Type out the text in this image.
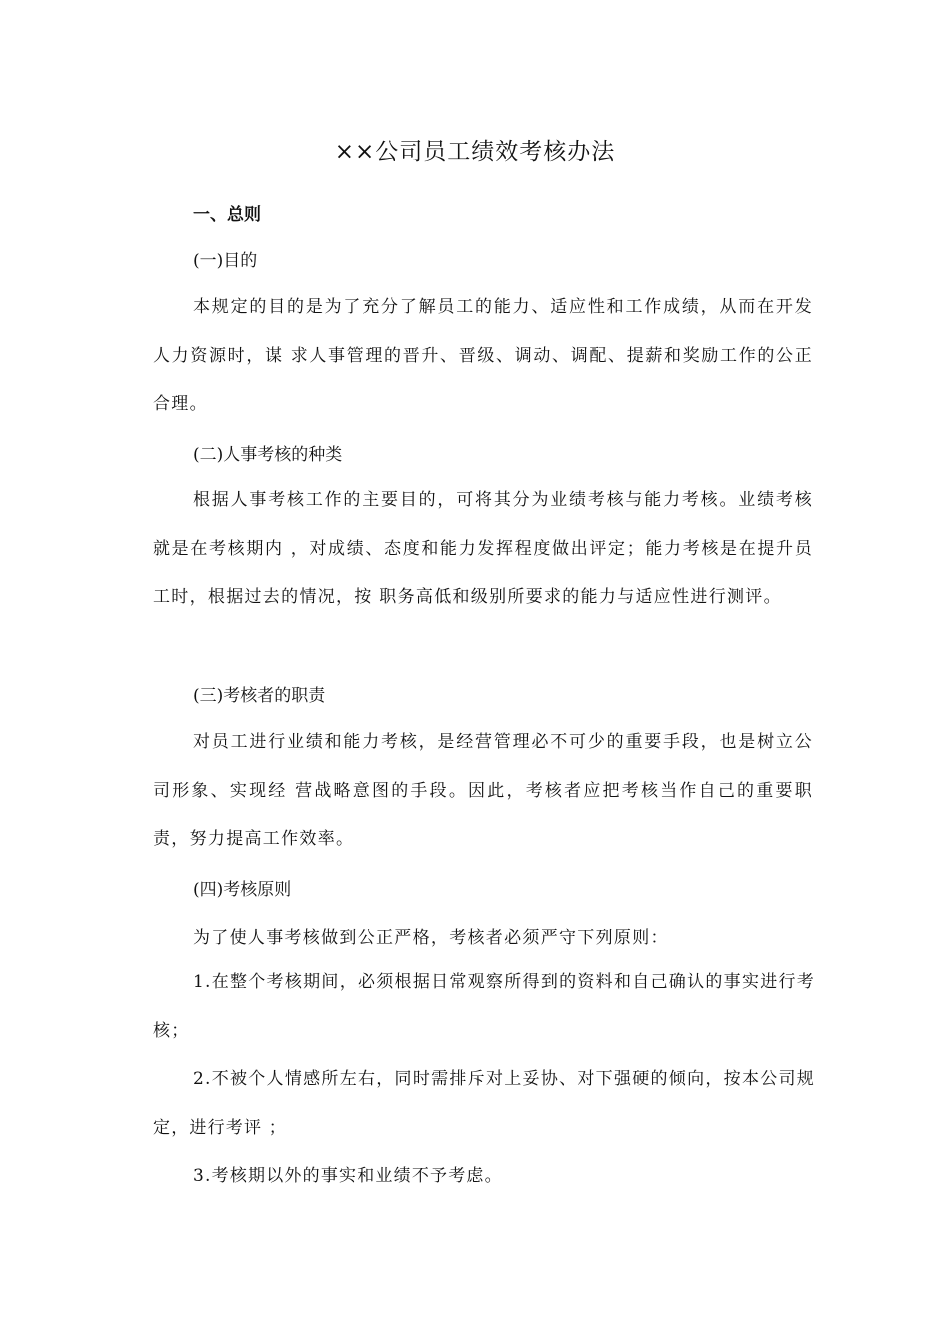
××公司员工绩效考核办法
一、总则
(一)目的
本规定的目的是为了充分了解员工的能力、适应性和工作成绩，从而在开发人力资源时，谋 求人事管理的晋升、晋级、调动、调配、提薪和奖励工作的公正合理。
(二)人事考核的种类
根据人事考核工作的主要目的，可将其分为业绩考核与能力考核。业绩考核就是在考核期内 ，对成绩、态度和能力发挥程度做出评定；能力考核是在提升员工时，根据过去的情况，按 职务高低和级别所要求的能力与适应性进行测评。
(三)考核者的职责
对员工进行业绩和能力考核，是经营管理必不可少的重要手段，也是树立公司形象、实现经 营战略意图的手段。因此，考核者应把考核当作自己的重要职责，努力提高工作效率。
(四)考核原则
为了使人事考核做到公正严格，考核者必须严守下列原则：
1.在整个考核期间，必须根据日常观察所得到的资料和自己确认的事实进行考核；
2.不被个人情感所左右，同时需排斥对上妥协、对下强硬的倾向，按本公司规定，进行考评 ；
3.考核期以外的事实和业绩不予考虑。
